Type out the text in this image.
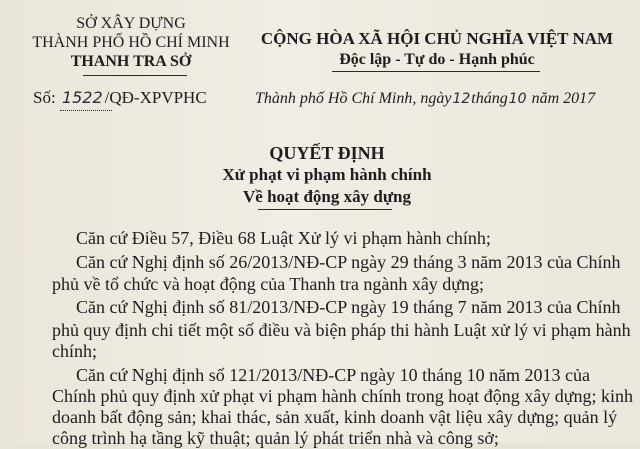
SỞ XÂY DỰNG
THÀNH PHỐ HỒ CHÍ MINH
THANH TRA SỞ
CỘNG HÒA XÃ HỘI CHỦ NGHĨA VIỆT NAM
Độc lập - Tự do - Hạnh phúc
Số: 1522 /QĐ-XPVPHC	Thành phố Hồ Chí Minh, ngày12tháng10 năm 2017
QUYẾT ĐỊNH
Xử phạt vi phạm hành chính
Về hoạt động xây dựng
Căn cứ Điều 57, Điều 68 Luật Xử lý vi phạm hành chính;
Căn cứ Nghị định số 26/2013/NĐ-CP ngày 29 tháng 3 năm 2013 của Chính
phủ về tổ chức và hoạt động của Thanh tra ngành xây dựng;
Căn cứ Nghị định số 81/2013/NĐ-CP ngày 19 tháng 7 năm 2013 của Chính
phủ quy định chi tiết một số điều và biện pháp thi hành Luật xử lý vi phạm hành
chính;
Căn cứ Nghị định số 121/2013/NĐ-CP ngày 10 tháng 10 năm 2013 của
Chính phủ quy định xử phạt vi phạm hành chính trong hoạt động xây dựng; kinh
doanh bất động sản; khai thác, sản xuất, kinh doanh vật liệu xây dựng; quản lý
công trình hạ tầng kỹ thuật; quản lý phát triển nhà và công sở;
